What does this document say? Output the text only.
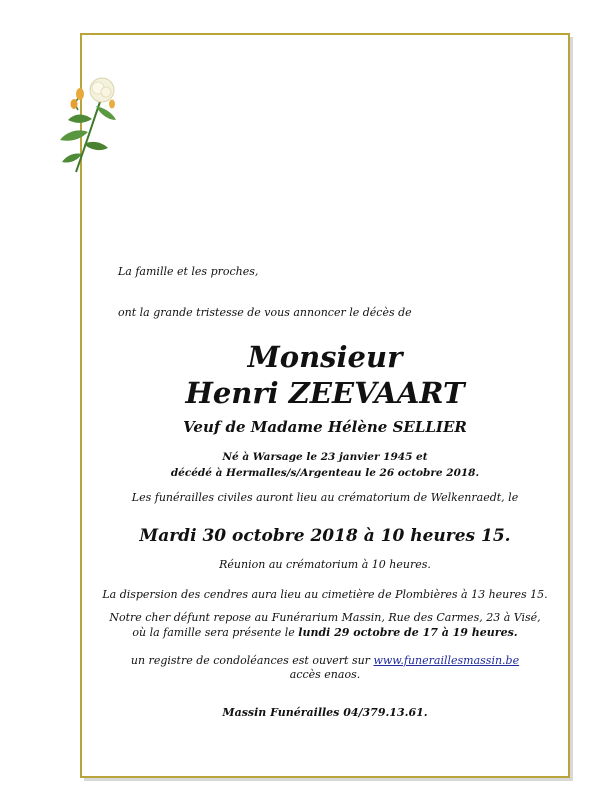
La famille et les proches,
ont la grande tristesse de vous annoncer le décès de
Monsieur
Henri ZEEVAART
Veuf de Madame Hélène SELLIER
Né à Warsage le 23 janvier 1945 et
décédé à Hermalles/s/Argenteau le 26 octobre 2018.
Les funérailles civiles auront lieu au crématorium de Welkenraedt, le
Mardi 30 octobre 2018 à 10 heures 15.
Réunion au crématorium à 10 heures.
La dispersion des cendres aura lieu au cimetière de Plombières à 13 heures 15.
Notre cher défunt repose au Funérarium Massin, Rue des Carmes, 23 à Visé,
où la famille sera présente le lundi 29 octobre de 17 à 19 heures.
un registre de condoléances est ouvert sur www.funeraillesmassin.be
accès enaos.
Massin Funérailles 04/379.13.61.
